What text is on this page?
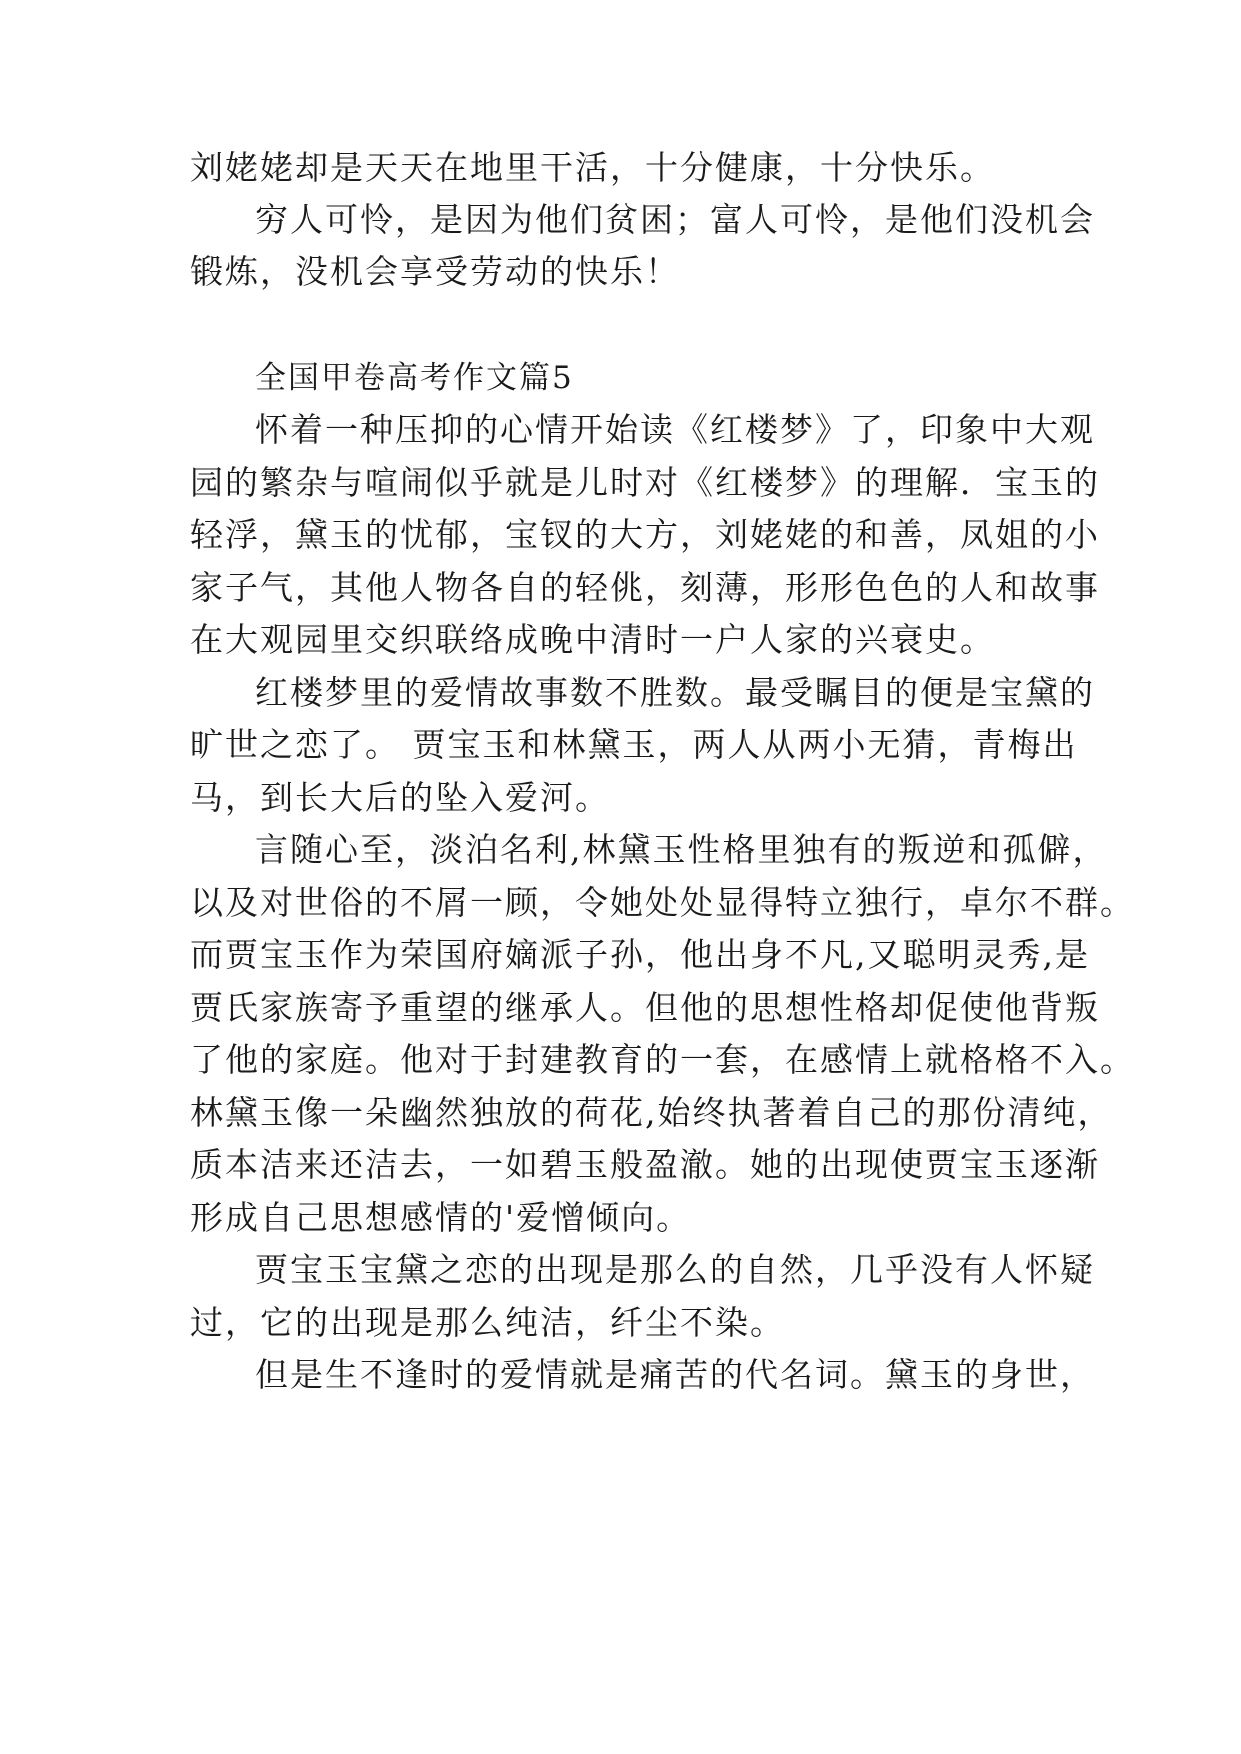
刘姥姥却是天天在地里干活，十分健康，十分快乐。
穷人可怜，是因为他们贫困；富人可怜，是他们没机会
锻炼，没机会享受劳动的快乐！
全国甲卷高考作文篇5
怀着一种压抑的心情开始读《红楼梦》了，印象中大观
园的繁杂与喧闹似乎就是儿时对《红楼梦》的理解．宝玉的
轻浮，黛玉的忧郁，宝钗的大方，刘姥姥的和善，凤姐的小
家子气，其他人物各自的轻佻，刻薄，形形色色的人和故事
在大观园里交织联络成晚中清时一户人家的兴衰史。
红楼梦里的爱情故事数不胜数。最受瞩目的便是宝黛的
旷世之恋了。 贾宝玉和林黛玉，两人从两小无猜，青梅出
马，到长大后的坠入爱河。
言随心至，淡泊名利,林黛玉性格里独有的叛逆和孤僻，
以及对世俗的不屑一顾，令她处处显得特立独行，卓尔不群。
而贾宝玉作为荣国府嫡派子孙，他出身不凡,又聪明灵秀,是
贾氏家族寄予重望的继承人。但他的思想性格却促使他背叛
了他的家庭。他对于封建教育的一套，在感情上就格格不入。
林黛玉像一朵幽然独放的荷花,始终执著着自己的那份清纯，
质本洁来还洁去，一如碧玉般盈澈。她的出现使贾宝玉逐渐
形成自己思想感情的'爱憎倾向。
贾宝玉宝黛之恋的出现是那么的自然，几乎没有人怀疑
过，它的出现是那么纯洁，纤尘不染。
但是生不逢时的爱情就是痛苦的代名词。黛玉的身世，
